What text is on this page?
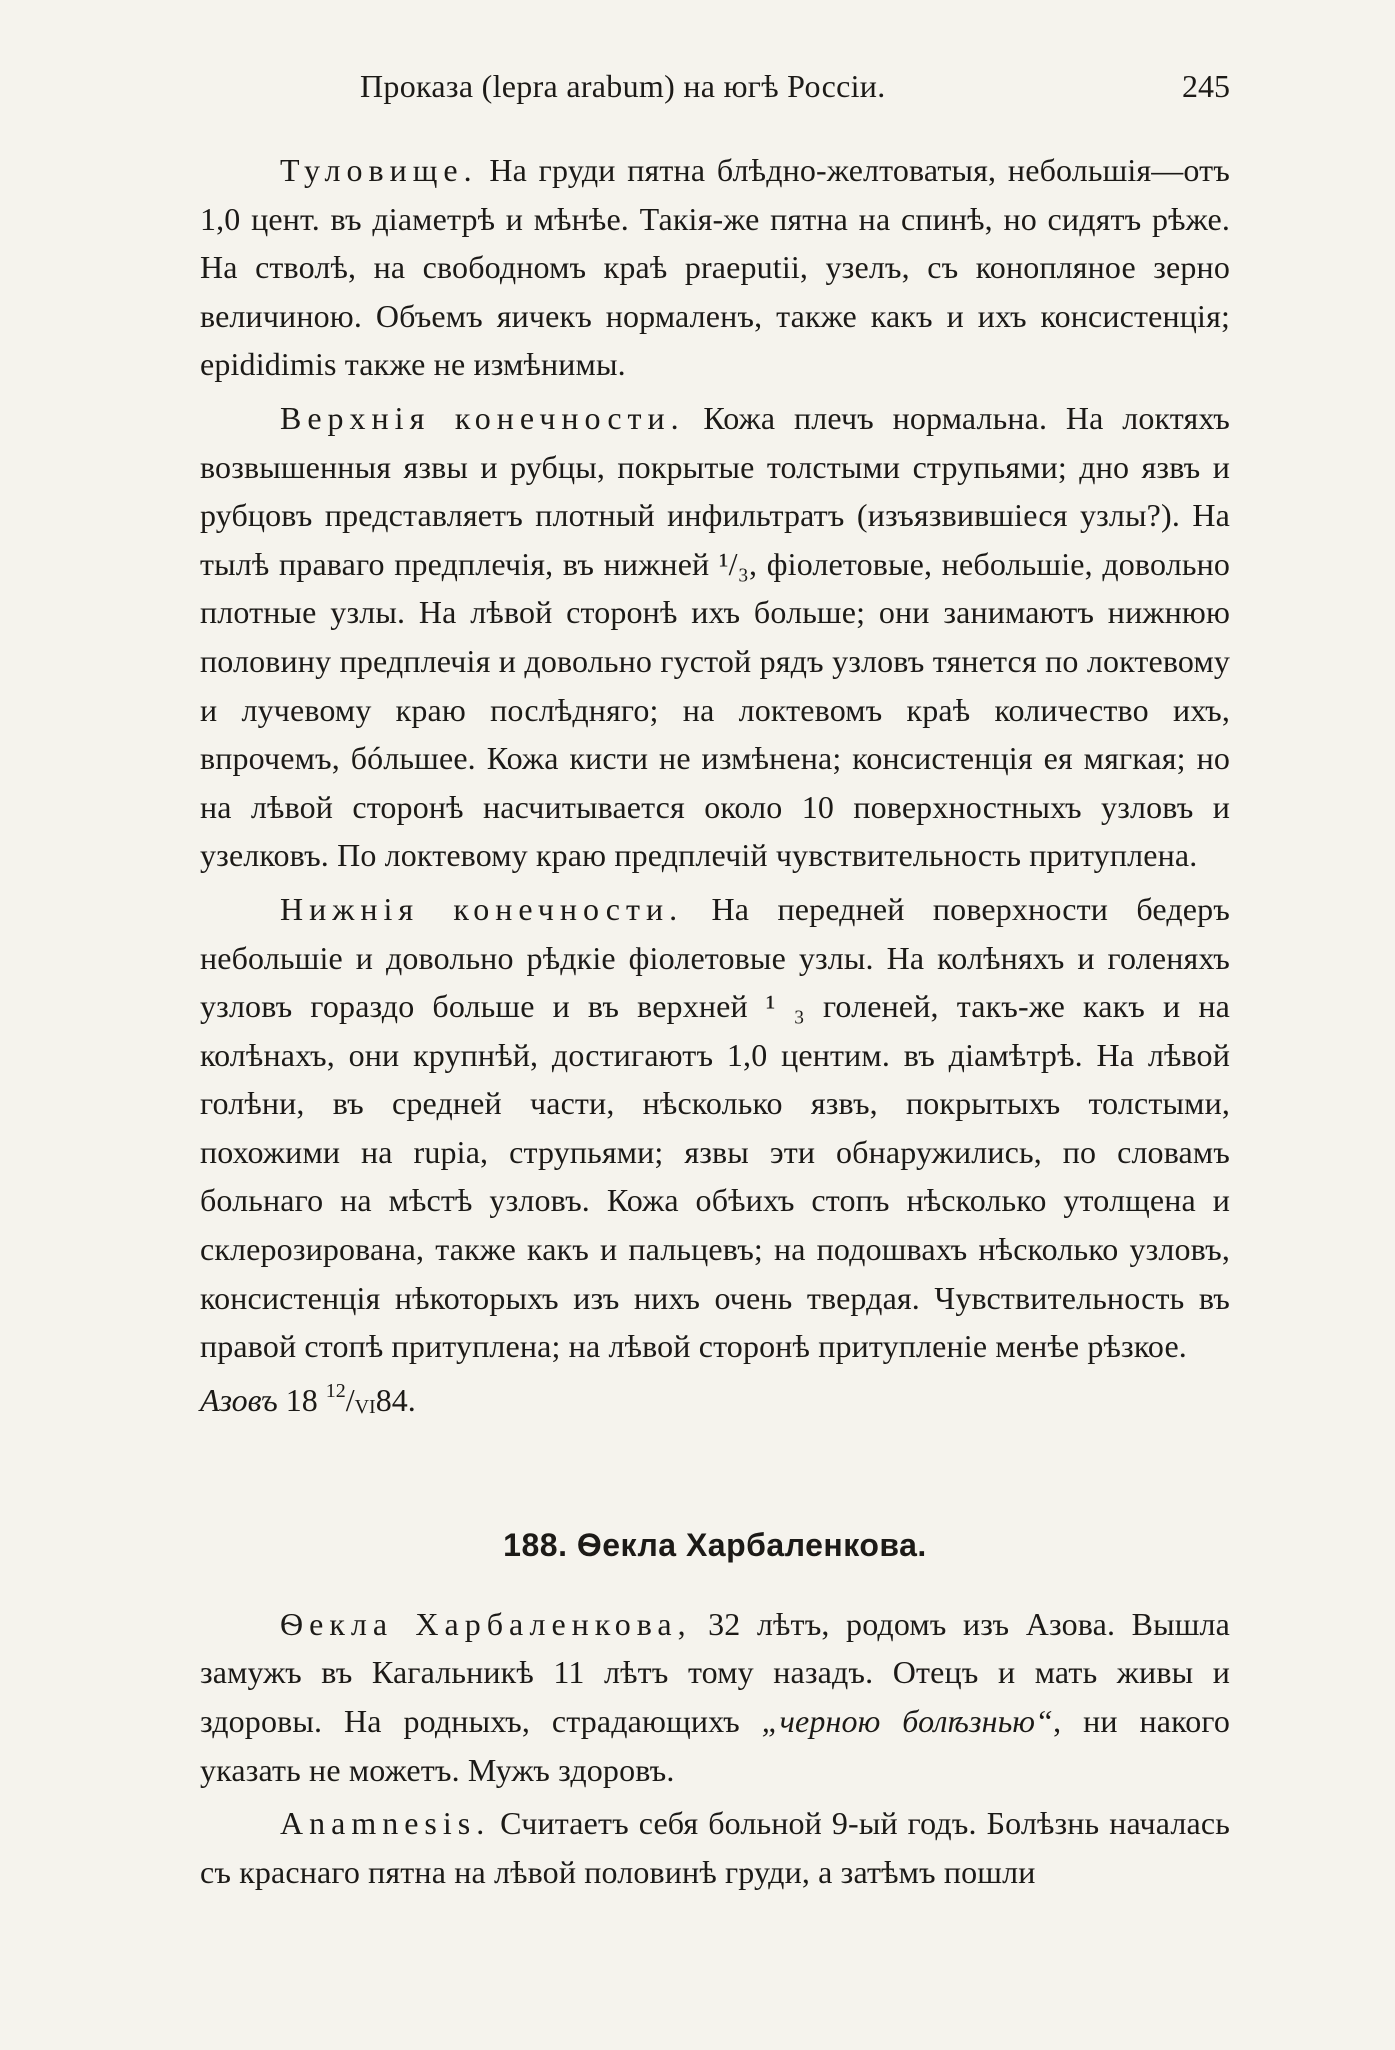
Проказа (lepra arabum) на югѣ Россіи.	245

Туловище. На груди пятна блѣдно-желтоватыя, небольшія—отъ 1,0 цент. въ діаметрѣ и мѣнѣе. Такія-же пятна на спинѣ, но сидятъ рѣже. На стволѣ, на свободномъ краѣ praeputii, узелъ, съ конопляное зерно величиною. Объемъ яичекъ нормаленъ, также какъ и ихъ консистенція; epididimis также не измѣнимы.

Верхнія конечности. Кожа плечъ нормальна. На локтяхъ возвышенныя язвы и рубцы, покрытые толстыми струпьями; дно язвъ и рубцовъ представляетъ плотный инфильтратъ (изъязвившіеся узлы?). На тылѣ праваго предплечія, въ нижней ¹/₃, фіолетовые, небольшіе, довольно плотные узлы. На лѣвой сторонѣ ихъ больше; они занимаютъ нижнюю половину предплечія и довольно густой рядъ узловъ тянется по локтевому и лучевому краю послѣдняго; на локтевомъ краѣ количество ихъ, впрочемъ, бóльшее. Кожа кисти не измѣнена; консистенція ея мягкая; но на лѣвой сторонѣ насчитывается около 10 поверхностныхъ узловъ и узелковъ. По локтевому краю предплечій чувствительность притуплена.

Нижнія конечности. На передней поверхности бедеръ небольшіе и довольно рѣдкіе фіолетовые узлы. На колѣняхъ и голеняхъ узловъ гораздо больше и въ верхней ¹ ₃ голеней, такъ-же какъ и на колѣнахъ, они крупнѣй, достигаютъ 1,0 центим. въ діамѣтрѣ. На лѣвой голѣни, въ средней части, нѣсколько язвъ, покрытыхъ толстыми, похожими на rupia, струпьями; язвы эти обнаружились, по словамъ больнаго на мѣстѣ узловъ. Кожа обѣихъ стопъ нѣсколько утолщена и склерозирована, также какъ и пальцевъ; на подошвахъ нѣсколько узловъ, консистенція нѣкоторыхъ изъ нихъ очень твердая. Чувствительность въ правой стопѣ притуплена; на лѣвой сторонѣ притупленіе менѣе рѣзкое.

Азовъ 18 $^{12}$/VI84.

188. Ѳекла Харбаленкова.

Ѳекла Харбаленкова, 32 лѣтъ, родомъ изъ Азова. Вышла замужъ въ Кагальникѣ 11 лѣтъ тому назадъ. Отецъ и мать живы и здоровы. На родныхъ, страдающихъ „черною болѣзнью“, ни накого указать не можетъ. Мужъ здоровъ.

Anamnesis. Считаетъ себя больной 9-ый годъ. Болѣзнь началась съ краснаго пятна на лѣвой половинѣ груди, а затѣмъ пошли
